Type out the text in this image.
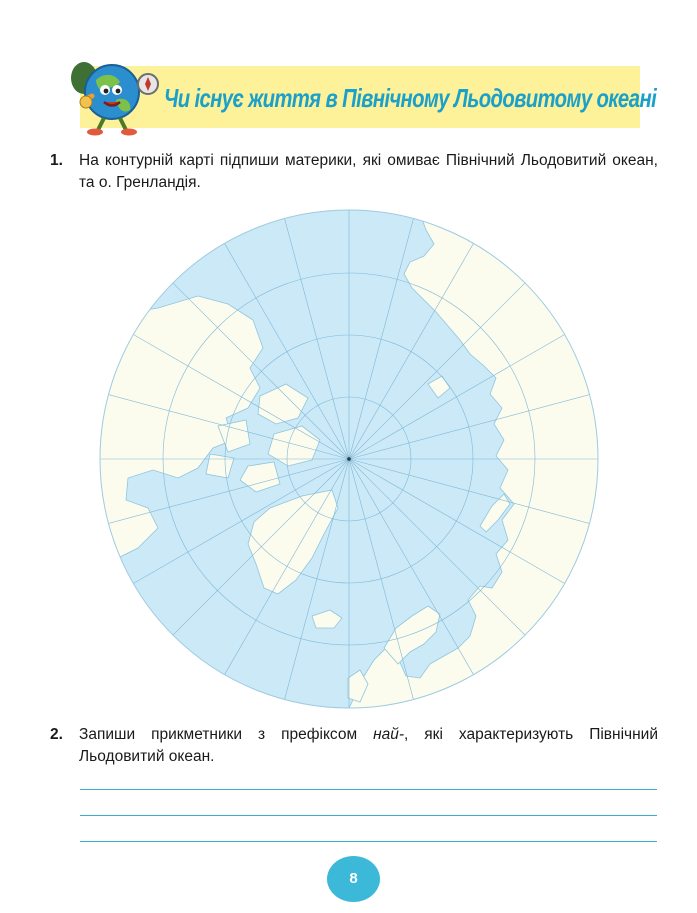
Чи існує життя в Північному Льодовитому океані
1. На контурній карті підпиши материки, які омиває Північний Льодовитий океан, та о. Гренландія.
2. Запиши прикметники з префіксом най-, які характеризують Північний Льодовитий океан.
8
